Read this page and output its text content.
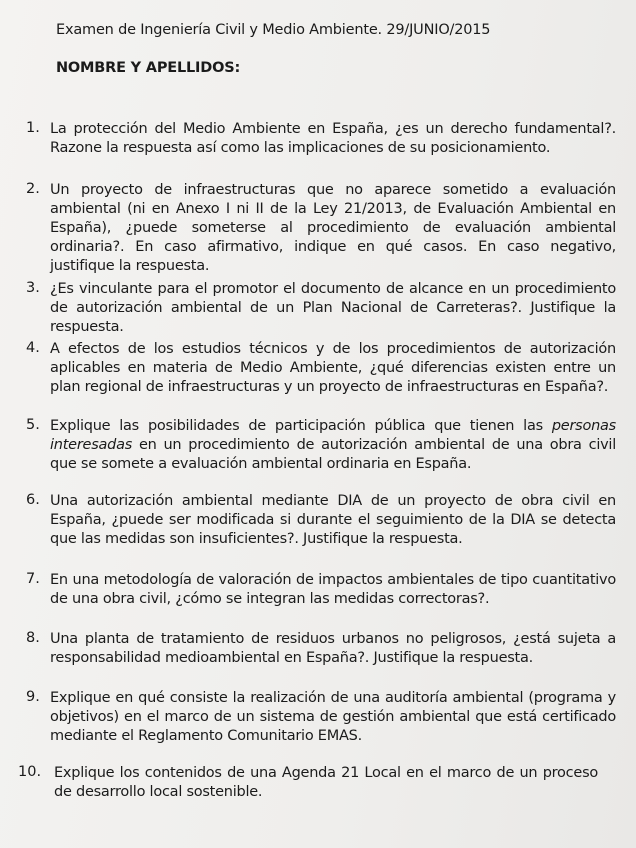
Examen de Ingeniería Civil y Medio Ambiente. 29/JUNIO/2015
NOMBRE Y APELLIDOS:
1. La protección del Medio Ambiente en España, ¿es un derecho fundamental?. Razone la respuesta así como las implicaciones de su posicionamiento.
2. Un proyecto de infraestructuras que no aparece sometido a evaluación ambiental (ni en Anexo I ni II de la Ley 21/2013, de Evaluación Ambiental en España), ¿puede someterse al procedimiento de evaluación ambiental ordinaria?. En caso afirmativo, indique en qué casos. En caso negativo, justifique la respuesta.
3. ¿Es vinculante para el promotor el documento de alcance en un procedimiento de autorización ambiental de un Plan Nacional de Carreteras?. Justifique la respuesta.
4. A efectos de los estudios técnicos y de los procedimientos de autorización aplicables en materia de Medio Ambiente, ¿qué diferencias existen entre un plan regional de infraestructuras y un proyecto de infraestructuras en España?.
5. Explique las posibilidades de participación pública que tienen las personas interesadas en un procedimiento de autorización ambiental de una obra civil que se somete a evaluación ambiental ordinaria en España.
6. Una autorización ambiental mediante DIA de un proyecto de obra civil en España, ¿puede ser modificada si durante el seguimiento de la DIA se detecta que las medidas son insuficientes?. Justifique la respuesta.
7. En una metodología de valoración de impactos ambientales de tipo cuantitativo de una obra civil, ¿cómo se integran las medidas correctoras?.
8. Una planta de tratamiento de residuos urbanos no peligrosos, ¿está sujeta a responsabilidad medioambiental en España?. Justifique la respuesta.
9. Explique en qué consiste la realización de una auditoría ambiental (programa y objetivos) en el marco de un sistema de gestión ambiental que está certificado mediante el Reglamento Comunitario EMAS.
10. Explique los contenidos de una Agenda 21 Local en el marco de un proceso de desarrollo local sostenible.
